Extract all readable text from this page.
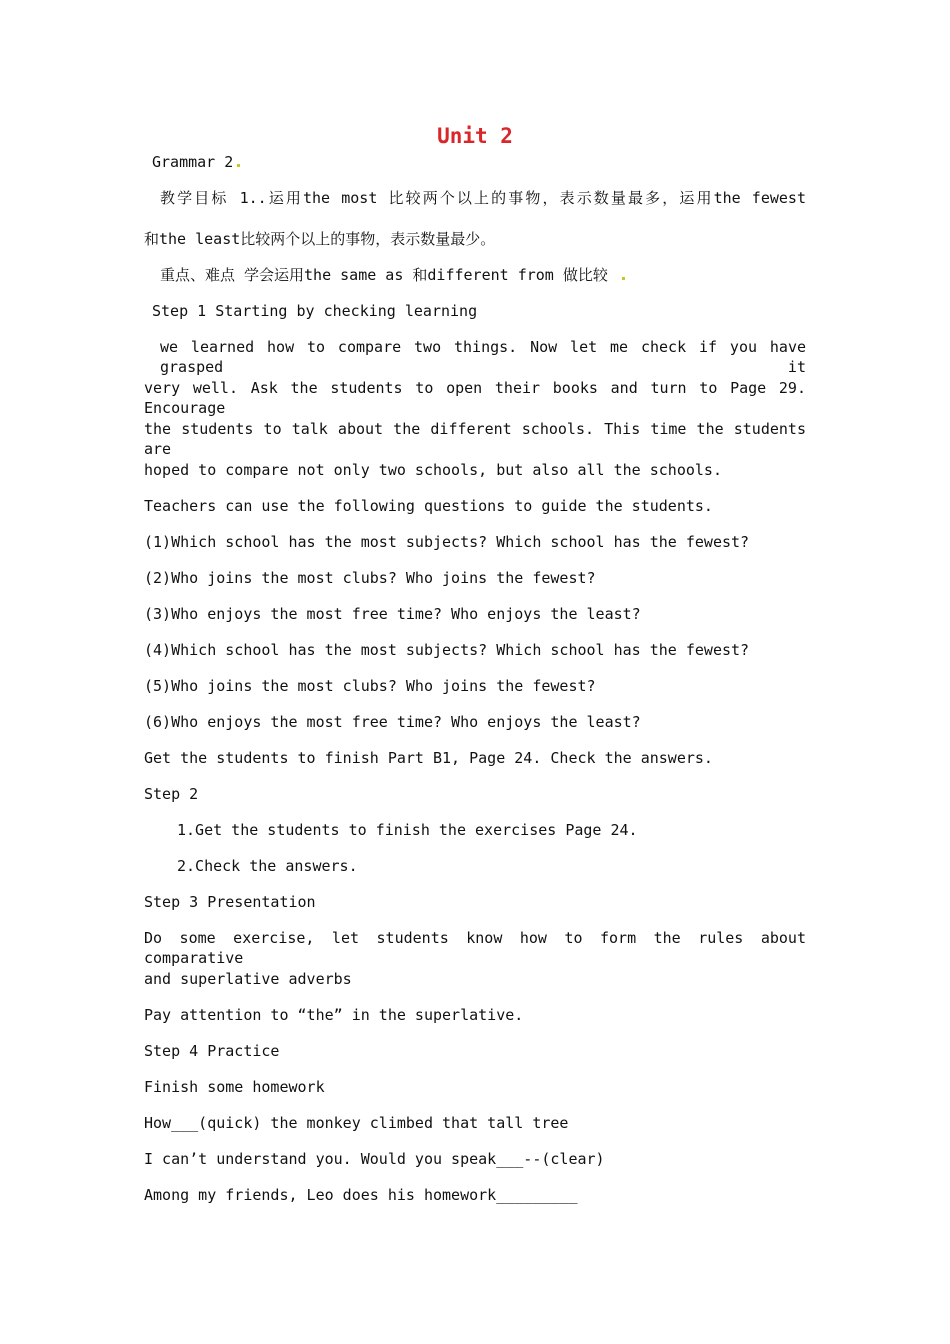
Unit 2

Grammar 2

教学目标 1..运用the most 比较两个以上的事物，表示数量最多，运用the fewest

和the least比较两个以上的事物，表示数量最少。

重点、难点 学会运用the same as 和different from 做比较

Step 1 Starting by checking learning

we learned how to compare two things. Now let me check if you have grasped it

very well. Ask the students to open their books and turn to Page 29. Encourage

the students to talk about the different schools. This time the students are

hoped to compare not only two schools, but also all the schools.

Teachers can use the following questions to guide the students.

(1)Which school has the most subjects? Which school has the fewest?

(2)Who joins the most clubs? Who joins the fewest?

(3)Who enjoys the most free time? Who enjoys the least?

(4)Which school has the most subjects? Which school has the fewest?

(5)Who joins the most clubs? Who joins the fewest?

(6)Who enjoys the most free time? Who enjoys the least?

Get the students to finish Part B1, Page 24. Check the answers.

Step 2

1.Get the students to finish the exercises Page 24.

2.Check the answers.

Step 3 Presentation

Do some exercise, let students know how to form the rules about comparative

and superlative adverbs

Pay attention to “the” in the superlative.

Step 4 Practice

Finish some homework

How___(quick) the monkey climbed that tall tree

I can’t understand you. Would you speak___--(clear)

Among my friends, Leo does his homework_________
